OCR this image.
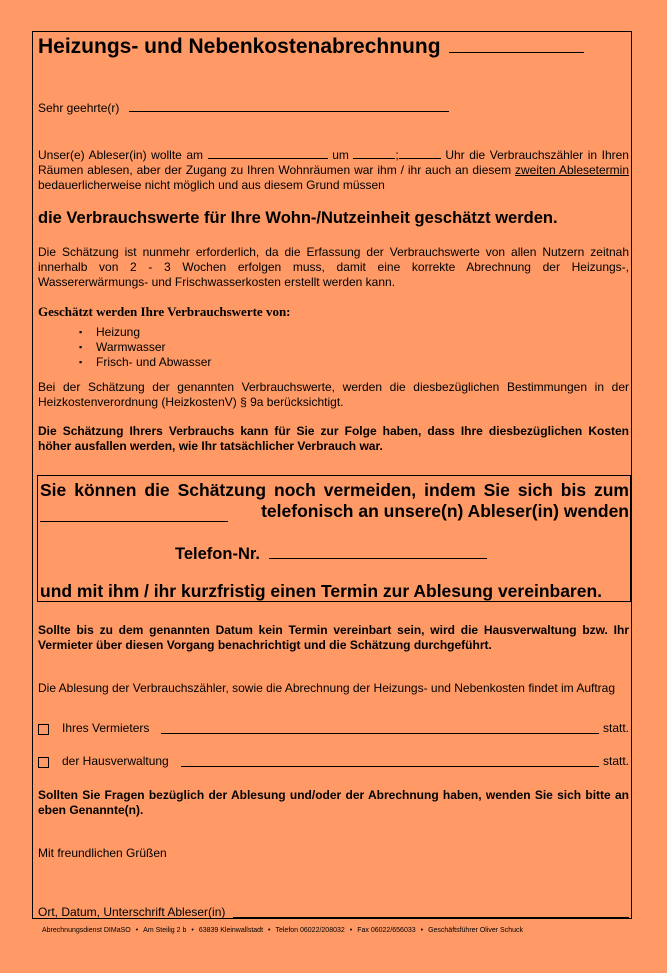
Heizungs- und Nebenkostenabrechnung
Sehr geehrte(r)
Unser(e) Ableser(in) wollte am	um	;	Uhr die Verbrauchszähler in Ihren Räumen ablesen, aber der Zugang zu Ihren Wohnräumen war ihm / ihr auch an diesem zweiten Ablesetermin bedauerlicherweise nicht möglich und aus diesem Grund müssen
die Verbrauchswerte für Ihre Wohn-/Nutzeinheit geschätzt werden.
Die Schätzung ist nunmehr erforderlich, da die Erfassung der Verbrauchswerte von allen Nutzern zeitnah innerhalb von 2 - 3 Wochen erfolgen muss, damit eine korrekte Abrechnung der Heizungs-, Wassererwärmungs- und Frischwasserkosten erstellt werden kann.
Geschätzt werden Ihre Verbrauchswerte von:
▪ Heizung
▪ Warmwasser
▪ Frisch- und Abwasser
Bei der Schätzung der genannten Verbrauchswerte, werden die diesbezüglichen Bestimmungen in der Heizkostenverordnung (HeizkostenV) § 9a berücksichtigt.
Die Schätzung Ihrers Verbrauchs kann für Sie zur Folge haben, dass Ihre diesbezüglichen Kosten höher ausfallen werden, wie Ihr tatsächlicher Verbrauch war.
Sie können die Schätzung noch vermeiden, indem Sie sich bis zum
telefonisch an unsere(n) Ableser(in) wenden
Telefon-Nr.
und mit ihm / ihr kurzfristig einen Termin zur Ablesung vereinbaren.
Sollte bis zu dem genannten Datum kein Termin vereinbart sein, wird die Hausverwaltung bzw. Ihr Vermieter über diesen Vorgang benachrichtigt und die Schätzung durchgeführt.
Die Ablesung der Verbrauchszähler, sowie die Abrechnung der Heizungs- und Nebenkosten findet im Auftrag
Ihres Vermieters	statt.
der Hausverwaltung	statt.
Sollten Sie Fragen bezüglich der Ablesung und/oder der Abrechnung haben, wenden Sie sich bitte an eben Genannte(n).
Mit freundlichen Grüßen
Ort, Datum, Unterschrift Ableser(in)
Abrechnungsdienst DIMaSO • Am Steilig 2 b • 63839 Kleinwallstadt • Telefon 06022/208032 • Fax 06022/656033 • Geschäftsführer Oliver Schuck
